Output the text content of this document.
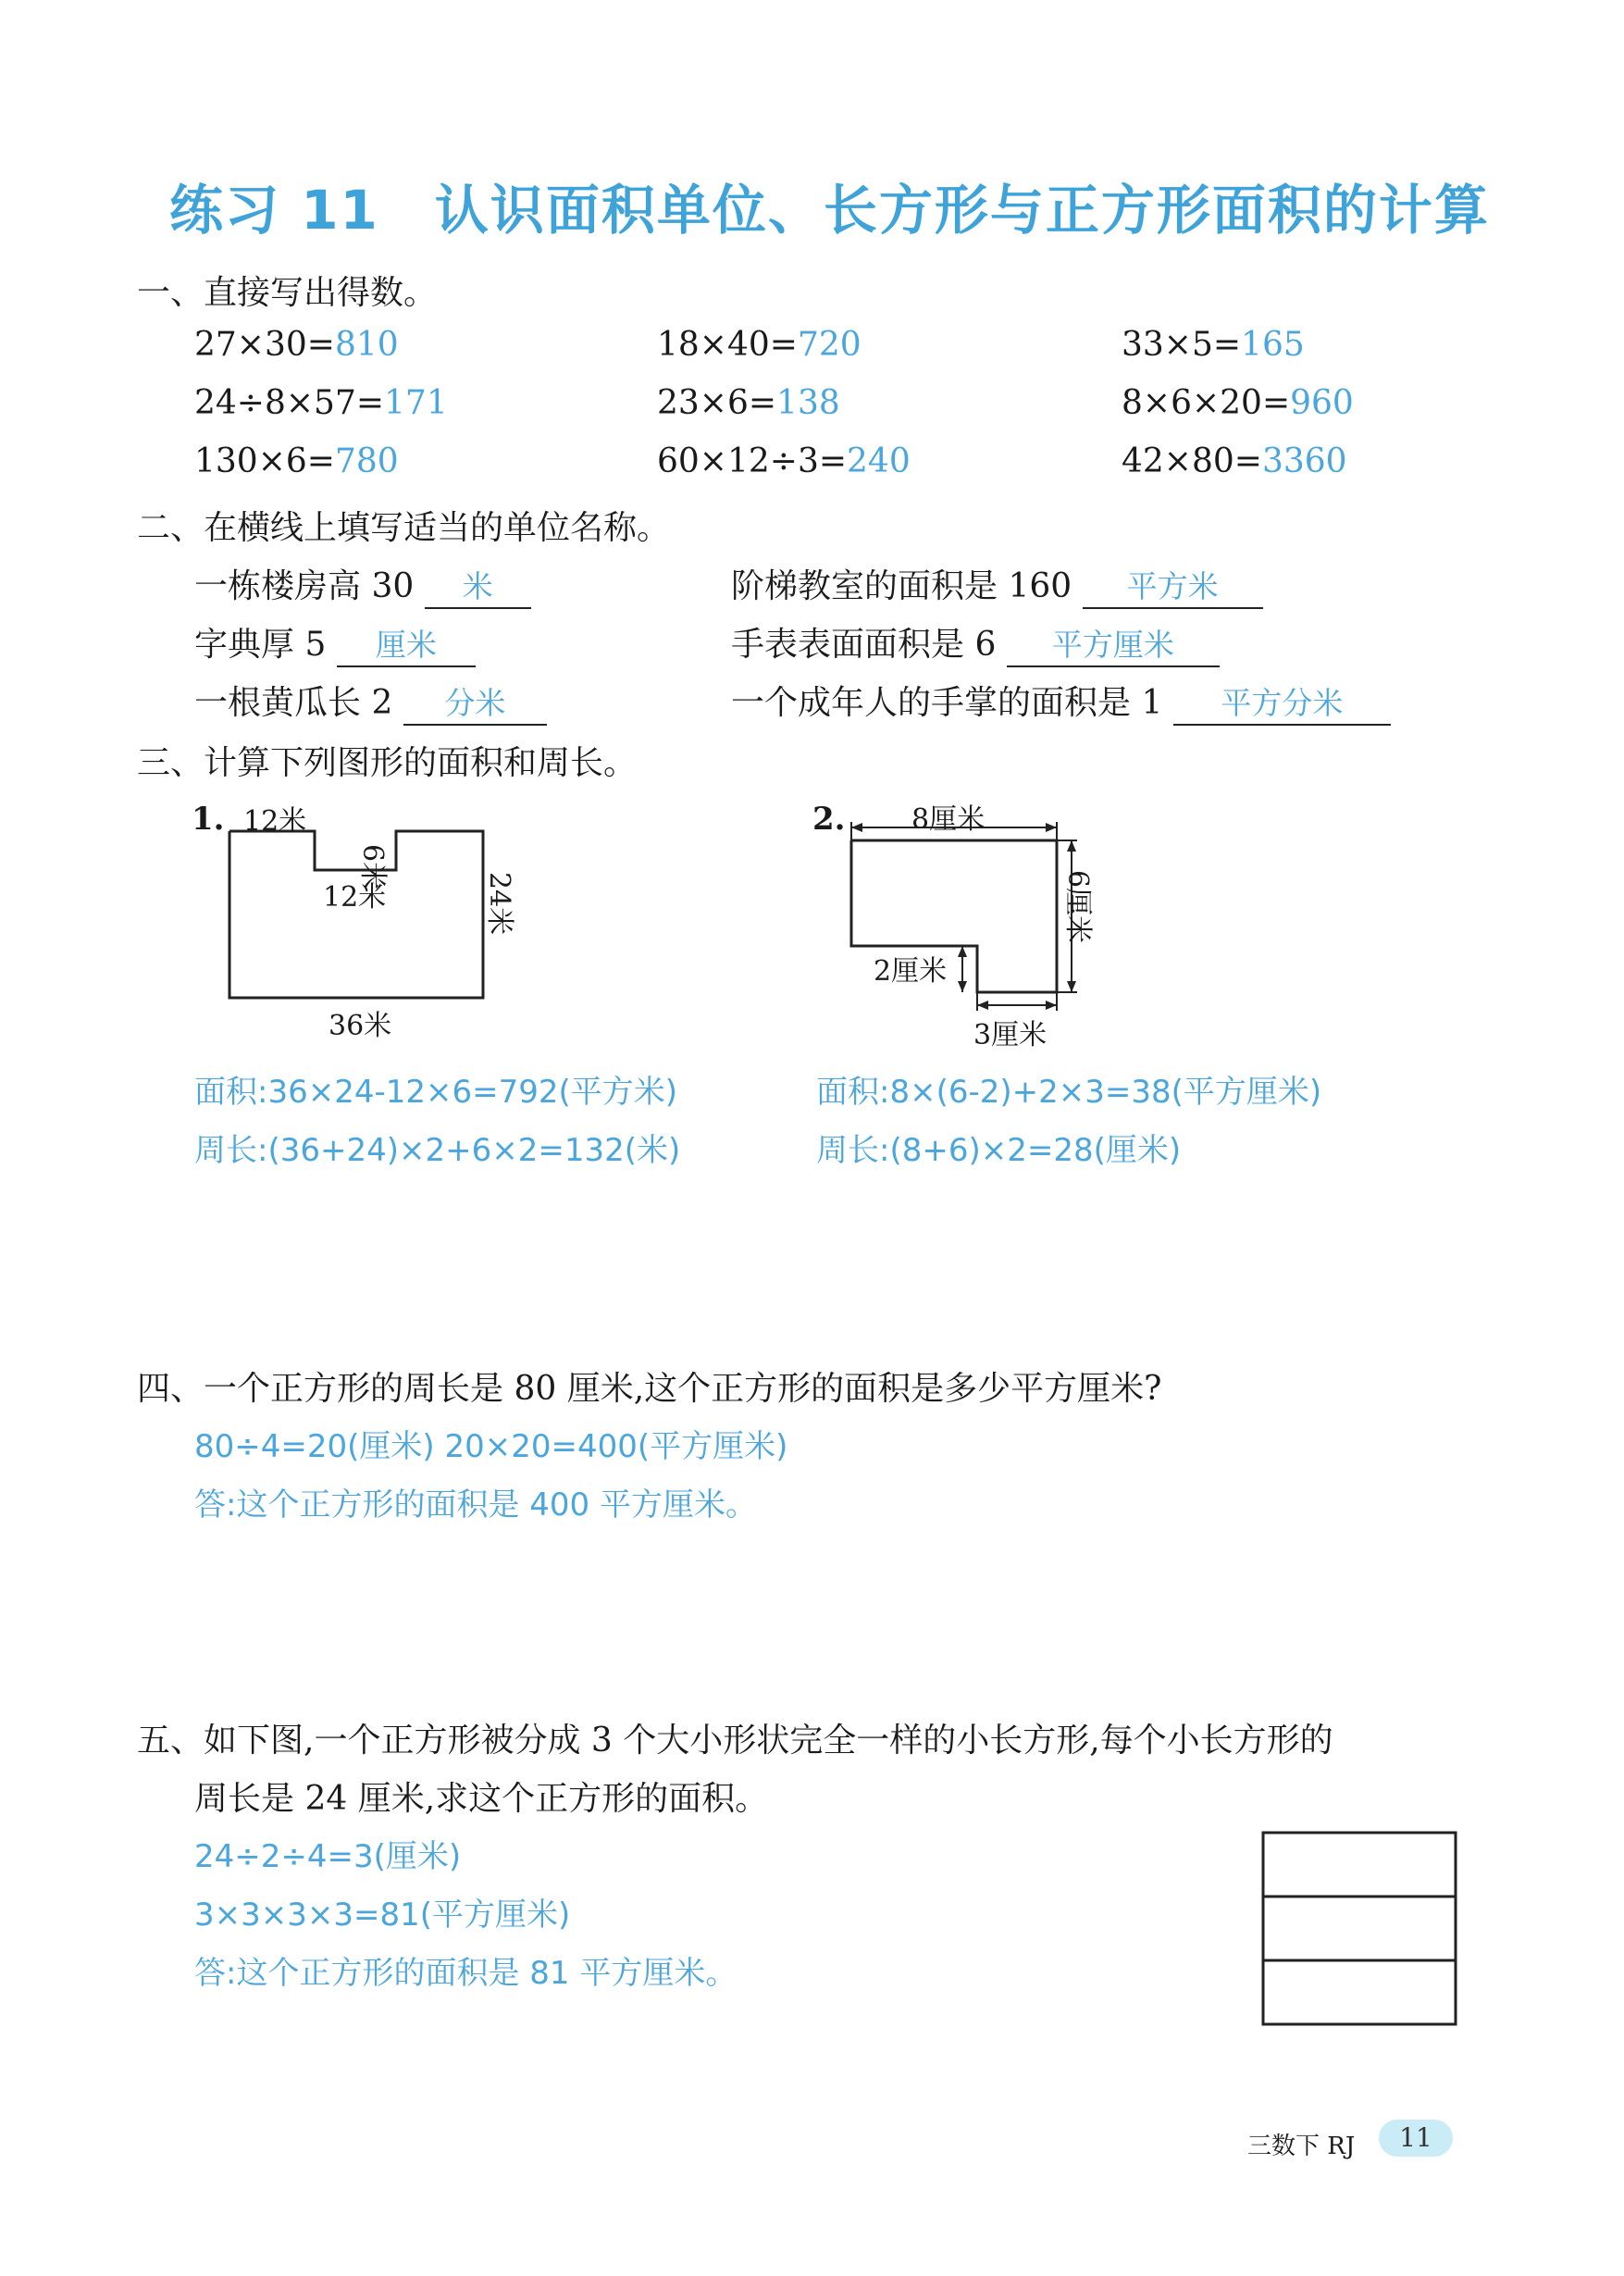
练习 11 认识面积单位、长方形与正方形面积的计算
一、直接写出得数。
27×30=810	18×40=720	33×5=165
24÷8×57=171	23×6=138	8×6×20=960
130×6=780	60×12÷3=240	42×80=3360
二、在横线上填写适当的单位名称。
一栋楼房高 30 米	阶梯教室的面积是 160 平方米
字典厚 5 厘米	手表表面面积是 6 平方厘米
一根黄瓜长 2 分米	一个成年人的手掌的面积是 1 平方分米
三、计算下列图形的面积和周长。
1. 12米
12米
6米
24米
36米
2. 8厘米
6厘米
2厘米
3厘米
面积:36×24-12×6=792(平方米)
周长:(36+24)×2+6×2=132(米)
面积:8×(6-2)+2×3=38(平方厘米)
周长:(8+6)×2=28(厘米)
四、一个正方形的周长是 80 厘米,这个正方形的面积是多少平方厘米?
80÷4=20(厘米) 20×20=400(平方厘米)
答:这个正方形的面积是 400 平方厘米。
五、如下图,一个正方形被分成 3 个大小形状完全一样的小长方形,每个小长方形的
周长是 24 厘米,求这个正方形的面积。
24÷2÷4=3(厘米)
3×3×3×3=81(平方厘米)
答:这个正方形的面积是 81 平方厘米。
三数下 RJ	11
